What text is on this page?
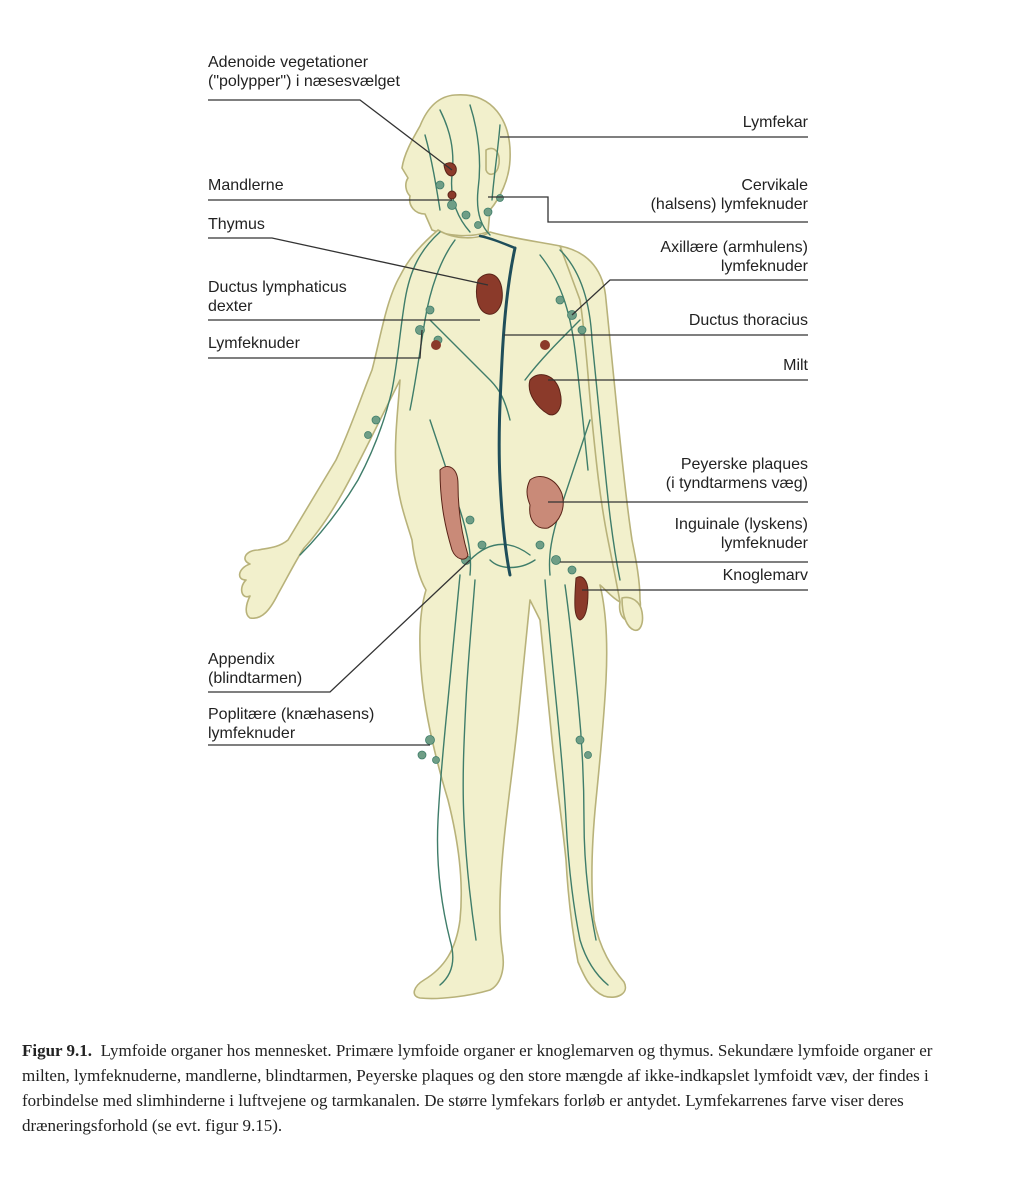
Adenoide vegetationer
("polypper") i næsesvælget
Mandlerne
Thymus
Ductus lymphaticus
dexter
Lymfeknuder
Appendix
(blindtarmen)
Poplitære (knæhasens)
lymfeknuder
Lymfekar
Cervikale
(halsens) lymfeknuder
Axillære (armhulens)
lymfeknuder
Ductus thoracius
Milt
Peyerske plaques
(i tyndtarmens væg)
Inguinale (lyskens)
lymfeknuder
Knoglemarv
Figur 9.1. Lymfoide organer hos mennesket. Primære lymfoide organer er knoglemarven og thymus. Sekundære lymfoide organer er milten, lymfeknuderne, mandlerne, blindtarmen, Peyerske plaques og den store mængde af ikke-indkapslet lymfoidt væv, der findes i forbindelse med slimhinderne i luftvejene og tarmkanalen. De større lymfekars forløb er antydet. Lymfekarrenes farve viser deres dræneringsforhold (se evt. figur 9.15).
